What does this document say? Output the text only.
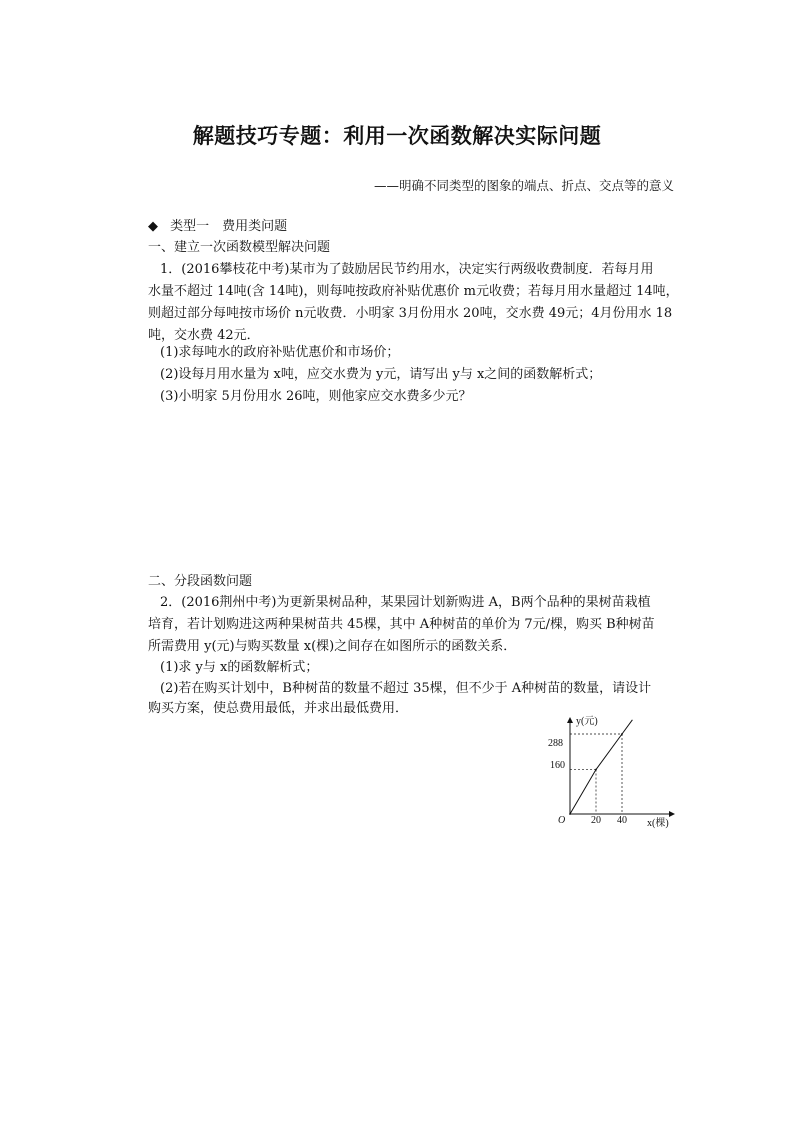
解题技巧专题：利用一次函数解决实际问题
——明确不同类型的图象的端点、折点、交点等的意义
◆ 类型一　费用类问题
一、建立一次函数模型解决问题
1．(2016攀枝花中考)某市为了鼓励居民节约用水，决定实行两级收费制度．若每月用
水量不超过 14吨(含 14吨)，则每吨按政府补贴优惠价 m元收费；若每月用水量超过 14吨，
则超过部分每吨按市场价 n元收费．小明家 3月份用水 20吨，交水费 49元；4月份用水 18
吨，交水费 42元．
(1)求每吨水的政府补贴优惠价和市场价；
(2)设每月用水量为 x吨，应交水费为 y元，请写出 y与 x之间的函数解析式；
(3)小明家 5月份用水 26吨，则他家应交水费多少元？
二、分段函数问题
2．(2016荆州中考)为更新果树品种，某果园计划新购进 A，B两个品种的果树苗栽植
培育，若计划购进这两种果树苗共 45棵，其中 A种树苗的单价为 7元/棵，购买 B种树苗
所需费用 y(元)与购买数量 x(棵)之间存在如图所示的函数关系．
(1)求 y与 x的函数解析式；
(2)若在购买计划中，B种树苗的数量不超过 35棵，但不少于 A种树苗的数量，请设计
购买方案，使总费用最低，并求出最低费用．
y(元)
x(棵)
O
288
160
20 40
